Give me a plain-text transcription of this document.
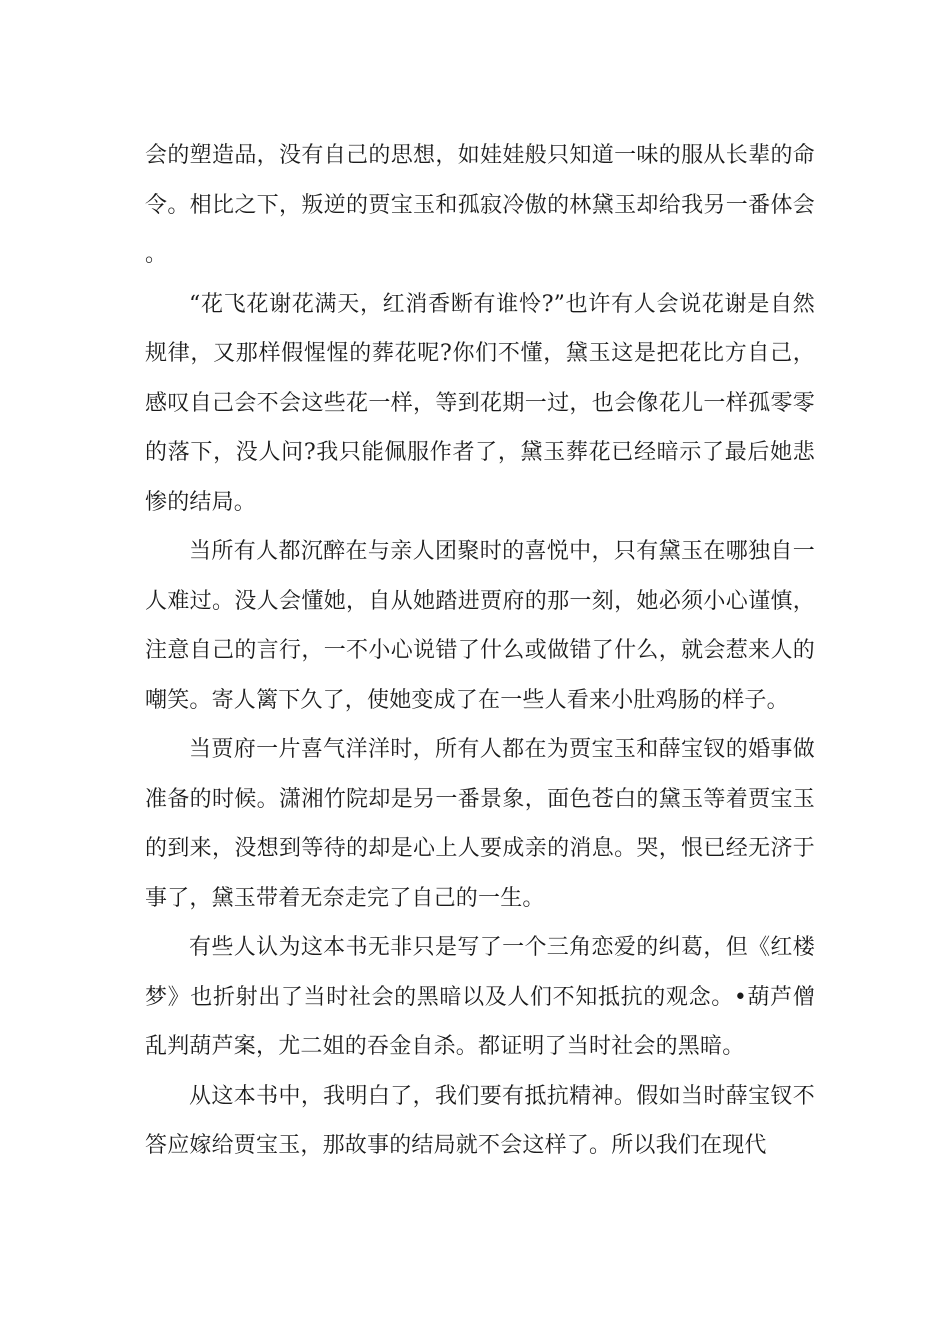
会的塑造品，没有自己的思想，如娃娃般只知道一味的服从长辈的命令。相比之下，叛逆的贾宝玉和孤寂冷傲的林黛玉却给我另一番体会。

“花飞花谢花满天，红消香断有谁怜?”也许有人会说花谢是自然规律，又那样假惺惺的葬花呢?你们不懂，黛玉这是把花比方自己，感叹自己会不会这些花一样，等到花期一过，也会像花儿一样孤零零的落下，没人问?我只能佩服作者了，黛玉葬花已经暗示了最后她悲惨的结局。

当所有人都沉醉在与亲人团聚时的喜悦中，只有黛玉在哪独自一人难过。没人会懂她，自从她踏进贾府的那一刻，她必须小心谨慎，注意自己的言行，一不小心说错了什么或做错了什么，就会惹来人的嘲笑。寄人篱下久了，使她变成了在一些人看来小肚鸡肠的样子。

当贾府一片喜气洋洋时，所有人都在为贾宝玉和薛宝钗的婚事做准备的时候。潇湘竹院却是另一番景象，面色苍白的黛玉等着贾宝玉的到来，没想到等待的却是心上人要成亲的消息。哭，恨已经无济于事了，黛玉带着无奈走完了自己的一生。

有些人认为这本书无非只是写了一个三角恋爱的纠葛，但《红楼梦》也折射出了当时社会的黑暗以及人们不知抵抗的观念。•葫芦僧乱判葫芦案，尤二姐的吞金自杀。都证明了当时社会的黑暗。

从这本书中，我明白了，我们要有抵抗精神。假如当时薛宝钗不答应嫁给贾宝玉，那故事的结局就不会这样了。所以我们在现代
